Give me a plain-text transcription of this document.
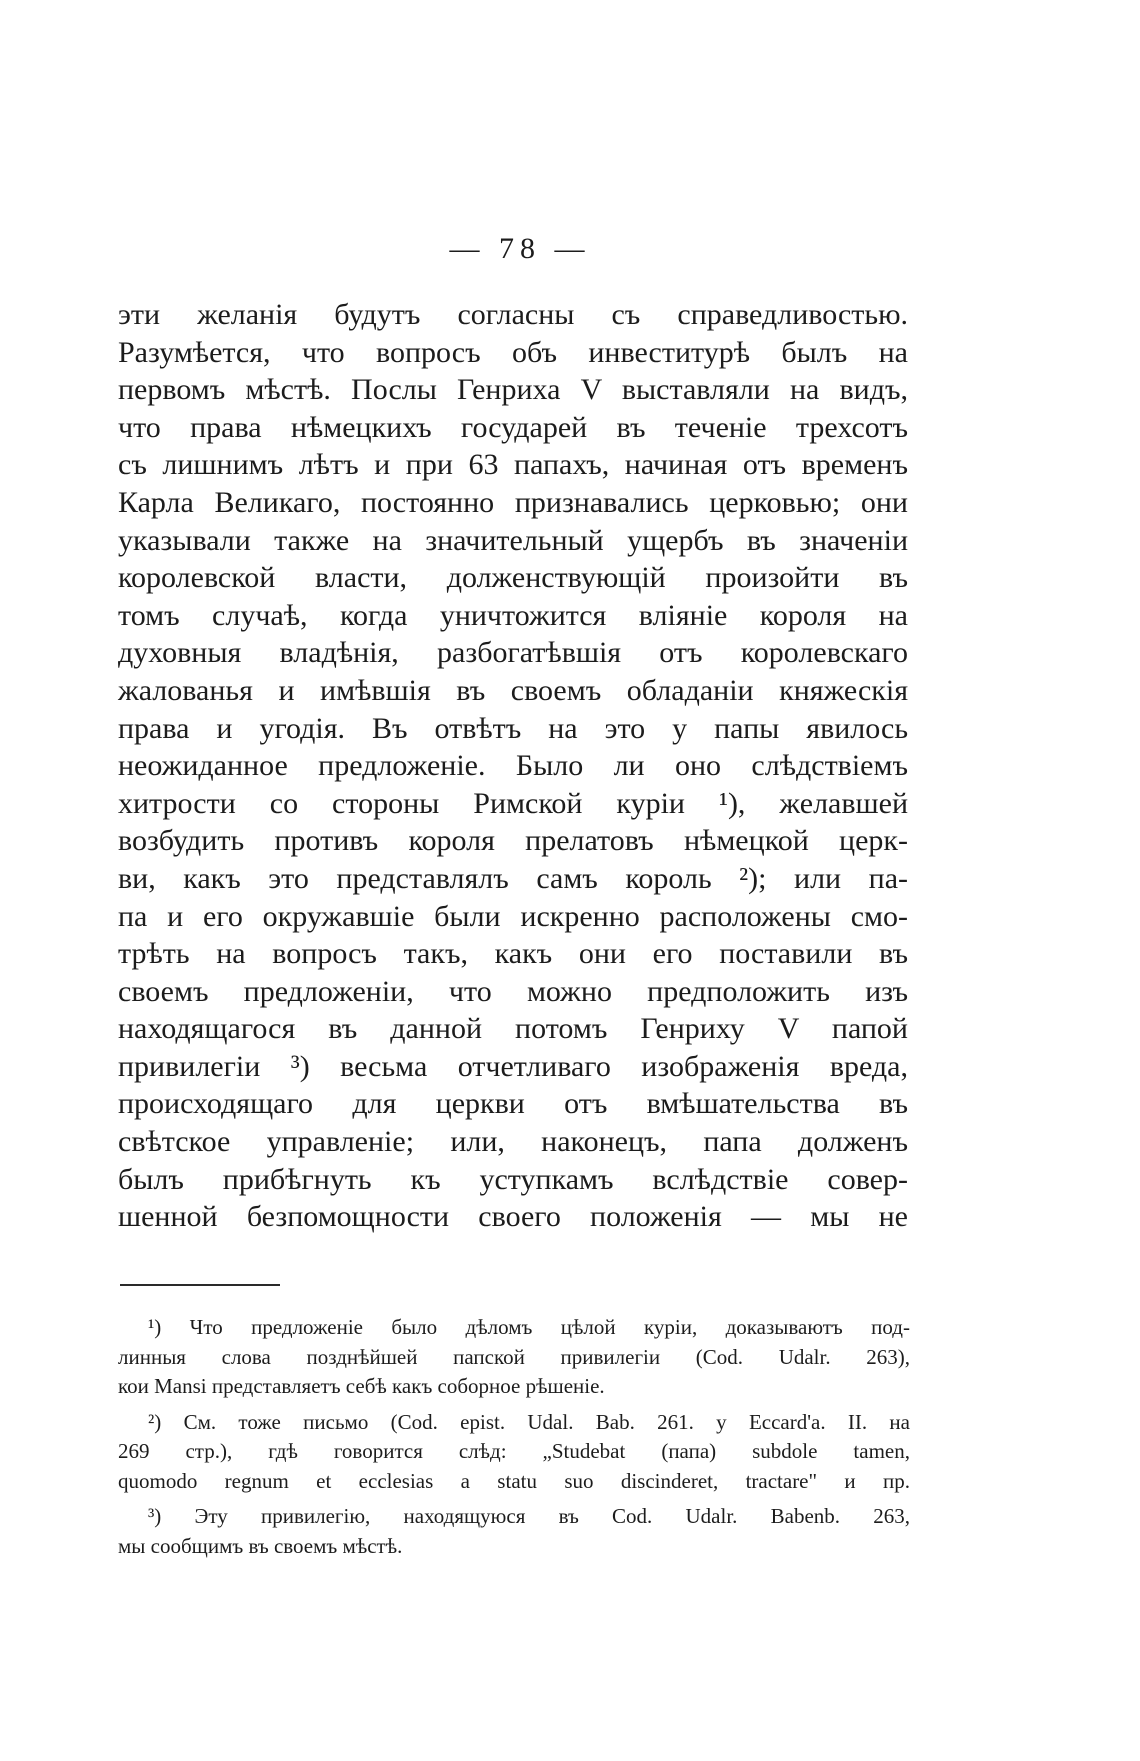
— 78 —
эти желанія будутъ согласны съ справедливостью.
Разумѣется, что вопросъ объ инвеститурѣ былъ на
первомъ мѣстѣ. Послы Генриха V выставляли на видъ,
что права нѣмецкихъ государей въ теченіе трехсотъ
съ лишнимъ лѣтъ и при 63 папахъ, начиная отъ временъ
Карла Великаго, постоянно признавались церковью; они
указывали также на значительный ущербъ въ значеніи
королевской власти, долженствующій произойти въ
томъ случаѣ, когда уничтожится вліяніе короля на
духовныя владѣнія, разбогатѣвшія отъ королевскаго
жалованья и имѣвшія въ своемъ обладаніи княжескія
права и угодія. Въ отвѣтъ на это у папы явилось
неожиданное предложеніе. Было ли оно слѣдствіемъ
хитрости со стороны Римской куріи ¹), желавшей
возбудить противъ короля прелатовъ нѣмецкой церк-
ви, какъ это представлялъ самъ король ²); или па-
па и его окружавшіе были искренно расположены смо-
трѣть на вопросъ такъ, какъ они его поставили въ
своемъ предложеніи, что можно предположить изъ
находящагося въ данной потомъ Генриху V папой
привилегіи ³) весьма отчетливаго изображенія вреда,
происходящаго для церкви отъ вмѣшательства въ
свѣтское управленіе; или, наконецъ, папа долженъ
былъ прибѣгнуть къ уступкамъ вслѣдствіе совер-
шенной безпомощности своего положенія — мы не
¹) Что предложеніе было дѣломъ цѣлой куріи, доказываютъ под-
линныя слова позднѣйшей папской привилегіи (Cod. Udalr. 263),
кои Mansi представляетъ себѣ какъ соборное рѣшеніе.
²) См. тоже письмо (Cod. epist. Udal. Bab. 261. у Eccard'a. II. на
269 стр.), гдѣ говорится слѣд: „Studebat (папа) subdole tamen,
quomodo regnum et ecclesias a statu suo discinderet, tractare" и пр.
³) Эту привилегію, находящуюся въ Cod. Udalr. Babenb. 263,
мы сообщимъ въ своемъ мѣстѣ.
